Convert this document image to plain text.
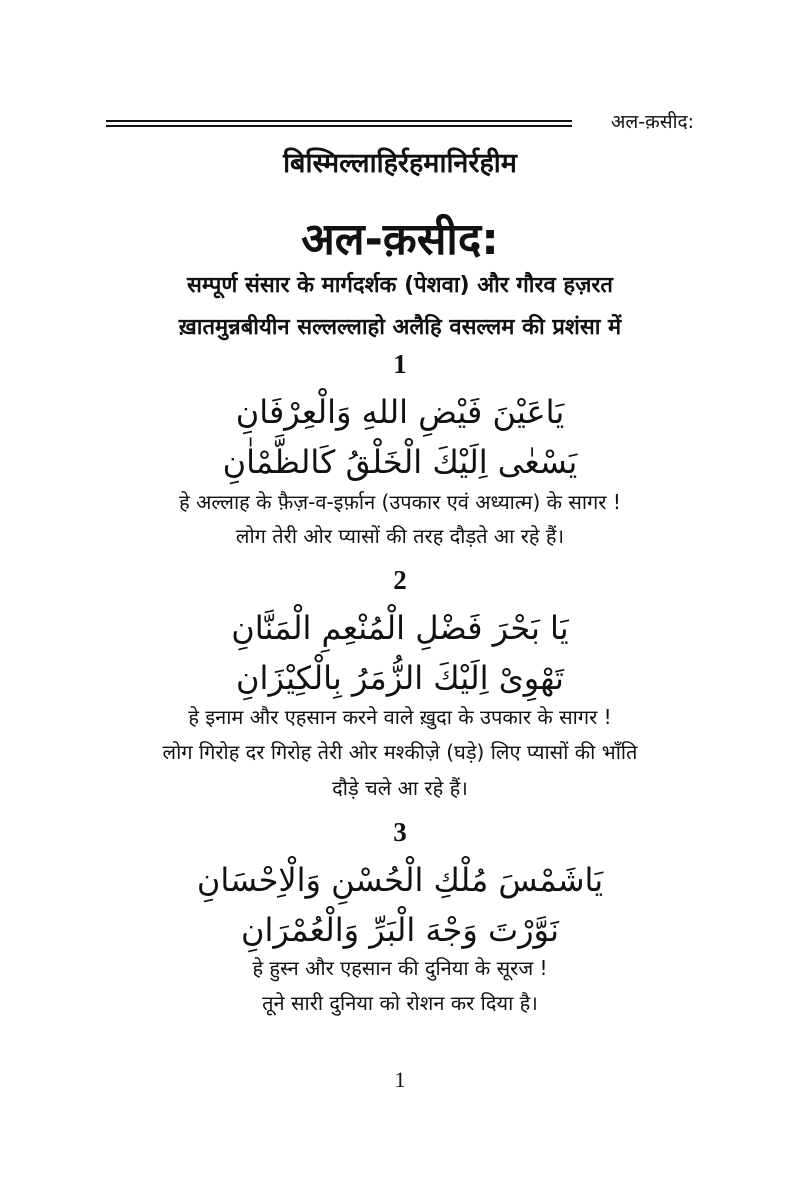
अल-क़सीद:
बिस्मिल्लाहिर्रहमानिर्रहीम
अल-क़सीद:
सम्पूर्ण संसार के मार्गदर्शक (पेशवा) और गौरव हज़रत
ख़ातमुन्नबीयीन सल्लल्लाहो अलैहि वसल्लम की प्रशंसा में
1
يَاعَيْنَ فَيْضِ اللهِ وَالْعِرْفَانِ
يَسْعٰى اِلَيْكَ الْخَلْقُ كَالظَّمْاٰنِ
हे अल्लाह के फ़ैज़-व-इर्फ़ान (उपकार एवं अध्यात्म) के सागर !
लोग तेरी ओर प्यासों की तरह दौड़ते आ रहे हैं।
2
يَا بَحْرَ فَضْلِ الْمُنْعِمِ الْمَنَّانِ
تَهْوِىْ اِلَيْكَ الزُّمَرُ بِالْكِيْزَانِ
हे इनाम और एहसान करने वाले ख़ुदा के उपकार के सागर !
लोग गिरोह दर गिरोह तेरी ओर मश्कीज़े (घड़े) लिए प्यासों की भाँति
दौड़े चले आ रहे हैं।
3
يَاشَمْسَ مُلْكِ الْحُسْنِ وَالْاِحْسَانِ
نَوَّرْتَ وَجْهَ الْبَرِّ وَالْعُمْرَانِ
हे हुस्न और एहसान की दुनिया के सूरज !
तूने सारी दुनिया को रोशन कर दिया है।
1
